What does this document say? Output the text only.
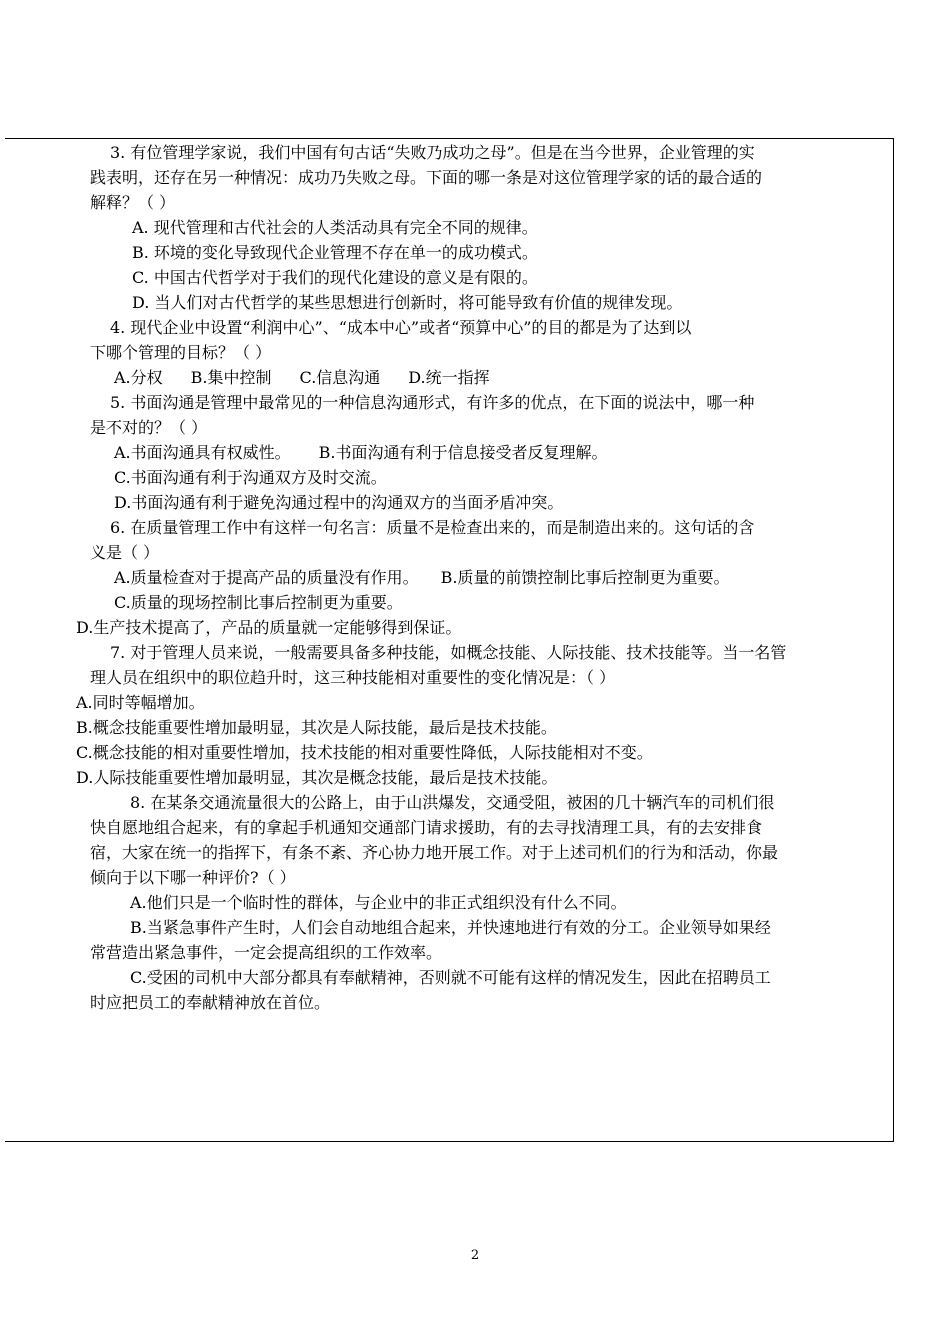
3. 有位管理学家说，我们中国有句古话“失败乃成功之母”。但是在当今世界，企业管理的实
践表明，还存在另一种情况：成功乃失败之母。下面的哪一条是对这位管理学家的话的最合适的
解释？（ ）
A. 现代管理和古代社会的人类活动具有完全不同的规律。
B. 环境的变化导致现代企业管理不存在单一的成功模式。
C. 中国古代哲学对于我们的现代化建设的意义是有限的。
D. 当人们对古代哲学的某些思想进行创新时，将可能导致有价值的规律发现。
4. 现代企业中设置“利润中心”、“成本中心”或者“预算中心”的目的都是为了达到以
下哪个管理的目标？（ ）
A.分权 B.集中控制 C.信息沟通 D.统一指挥
5. 书面沟通是管理中最常见的一种信息沟通形式，有许多的优点，在下面的说法中，哪一种
是不对的？（ ）
A.书面沟通具有权威性。 B.书面沟通有利于信息接受者反复理解。
C.书面沟通有利于沟通双方及时交流。
D.书面沟通有利于避免沟通过程中的沟通双方的当面矛盾冲突。
6. 在质量管理工作中有这样一句名言：质量不是检查出来的，而是制造出来的。这句话的含
义是（ ）
A.质量检查对于提高产品的质量没有作用。 B.质量的前馈控制比事后控制更为重要。
C.质量的现场控制比事后控制更为重要。
D.生产技术提高了，产品的质量就一定能够得到保证。
7. 对于管理人员来说，一般需要具备多种技能，如概念技能、人际技能、技术技能等。当一名管
理人员在组织中的职位趋升时，这三种技能相对重要性的变化情况是：（ ）
A.同时等幅增加。
B.概念技能重要性增加最明显，其次是人际技能，最后是技术技能。
C.概念技能的相对重要性增加，技术技能的相对重要性降低，人际技能相对不变。
D.人际技能重要性增加最明显，其次是概念技能，最后是技术技能。
8. 在某条交通流量很大的公路上，由于山洪爆发，交通受阻，被困的几十辆汽车的司机们很
快自愿地组合起来，有的拿起手机通知交通部门请求援助，有的去寻找清理工具，有的去安排食
宿，大家在统一的指挥下，有条不紊、齐心协力地开展工作。对于上述司机们的行为和活动，你最
倾向于以下哪一种评价?（ ）
A.他们只是一个临时性的群体，与企业中的非正式组织没有什么不同。
B.当紧急事件产生时，人们会自动地组合起来，并快速地进行有效的分工。企业领导如果经
常营造出紧急事件，一定会提高组织的工作效率。
C.受困的司机中大部分都具有奉献精神，否则就不可能有这样的情况发生，因此在招聘员工
时应把员工的奉献精神放在首位。
2
